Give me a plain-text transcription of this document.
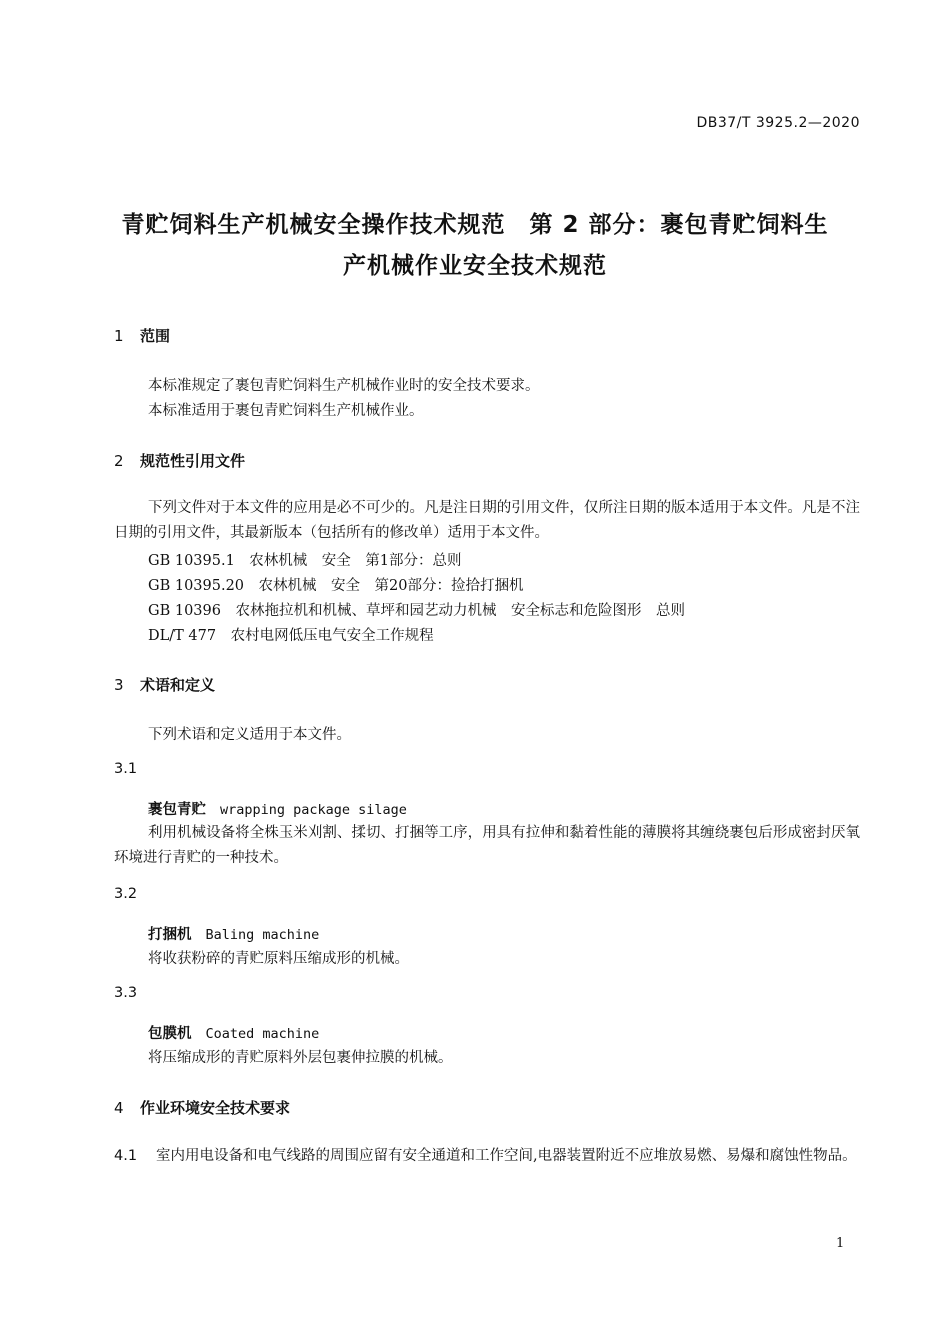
DB37/T 3925.2—2020
青贮饲料生产机械安全操作技术规范　第 2 部分：裹包青贮饲料生
产机械作业安全技术规范
1 范围
本标准规定了裹包青贮饲料生产机械作业时的安全技术要求。
本标准适用于裹包青贮饲料生产机械作业。
2 规范性引用文件
下列文件对于本文件的应用是必不可少的。凡是注日期的引用文件，仅所注日期的版本适用于本文件。凡是不注日期的引用文件，其最新版本（包括所有的修改单）适用于本文件。
GB 10395.1　农林机械　安全　第1部分：总则
GB 10395.20　农林机械　安全　第20部分：捡拾打捆机
GB 10396　农林拖拉机和机械、草坪和园艺动力机械　安全标志和危险图形　总则
DL/T 477　农村电网低压电气安全工作规程
3 术语和定义
下列术语和定义适用于本文件。
3.1
裹包青贮 wrapping package silage
利用机械设备将全株玉米刈割、揉切、打捆等工序，用具有拉伸和黏着性能的薄膜将其缠绕裹包后形成密封厌氧环境进行青贮的一种技术。
3.2
打捆机 Baling machine
将收获粉碎的青贮原料压缩成形的机械。
3.3
包膜机 Coated machine
将压缩成形的青贮原料外层包裹伸拉膜的机械。
4 作业环境安全技术要求
4.1 室内用电设备和电气线路的周围应留有安全通道和工作空间,电器装置附近不应堆放易燃、易爆和腐蚀性物品。
1
